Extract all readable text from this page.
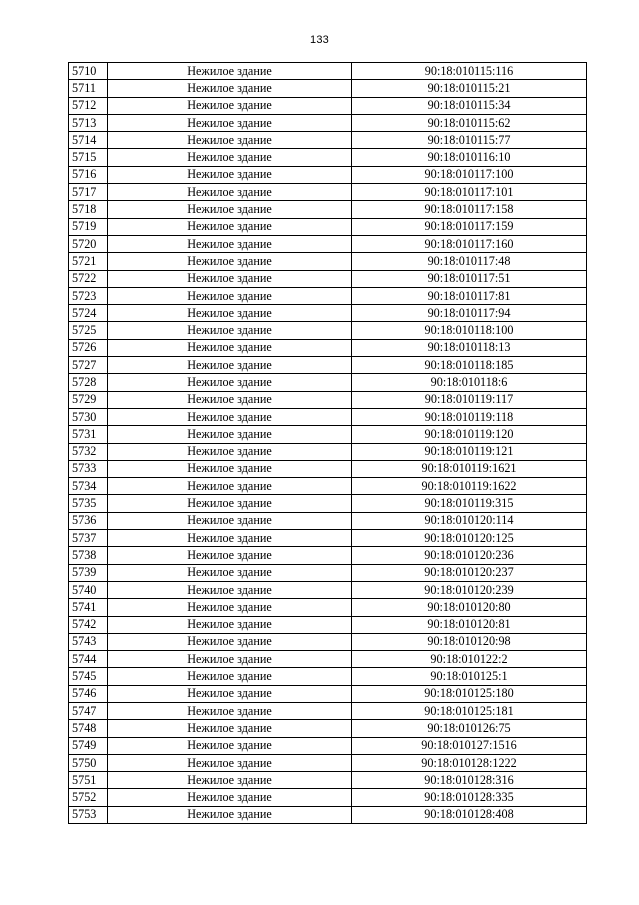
133
5710	Нежилое здание	90:18:010115:116
5711	Нежилое здание	90:18:010115:21
5712	Нежилое здание	90:18:010115:34
5713	Нежилое здание	90:18:010115:62
5714	Нежилое здание	90:18:010115:77
5715	Нежилое здание	90:18:010116:10
5716	Нежилое здание	90:18:010117:100
5717	Нежилое здание	90:18:010117:101
5718	Нежилое здание	90:18:010117:158
5719	Нежилое здание	90:18:010117:159
5720	Нежилое здание	90:18:010117:160
5721	Нежилое здание	90:18:010117:48
5722	Нежилое здание	90:18:010117:51
5723	Нежилое здание	90:18:010117:81
5724	Нежилое здание	90:18:010117:94
5725	Нежилое здание	90:18:010118:100
5726	Нежилое здание	90:18:010118:13
5727	Нежилое здание	90:18:010118:185
5728	Нежилое здание	90:18:010118:6
5729	Нежилое здание	90:18:010119:117
5730	Нежилое здание	90:18:010119:118
5731	Нежилое здание	90:18:010119:120
5732	Нежилое здание	90:18:010119:121
5733	Нежилое здание	90:18:010119:1621
5734	Нежилое здание	90:18:010119:1622
5735	Нежилое здание	90:18:010119:315
5736	Нежилое здание	90:18:010120:114
5737	Нежилое здание	90:18:010120:125
5738	Нежилое здание	90:18:010120:236
5739	Нежилое здание	90:18:010120:237
5740	Нежилое здание	90:18:010120:239
5741	Нежилое здание	90:18:010120:80
5742	Нежилое здание	90:18:010120:81
5743	Нежилое здание	90:18:010120:98
5744	Нежилое здание	90:18:010122:2
5745	Нежилое здание	90:18:010125:1
5746	Нежилое здание	90:18:010125:180
5747	Нежилое здание	90:18:010125:181
5748	Нежилое здание	90:18:010126:75
5749	Нежилое здание	90:18:010127:1516
5750	Нежилое здание	90:18:010128:1222
5751	Нежилое здание	90:18:010128:316
5752	Нежилое здание	90:18:010128:335
5753	Нежилое здание	90:18:010128:408
